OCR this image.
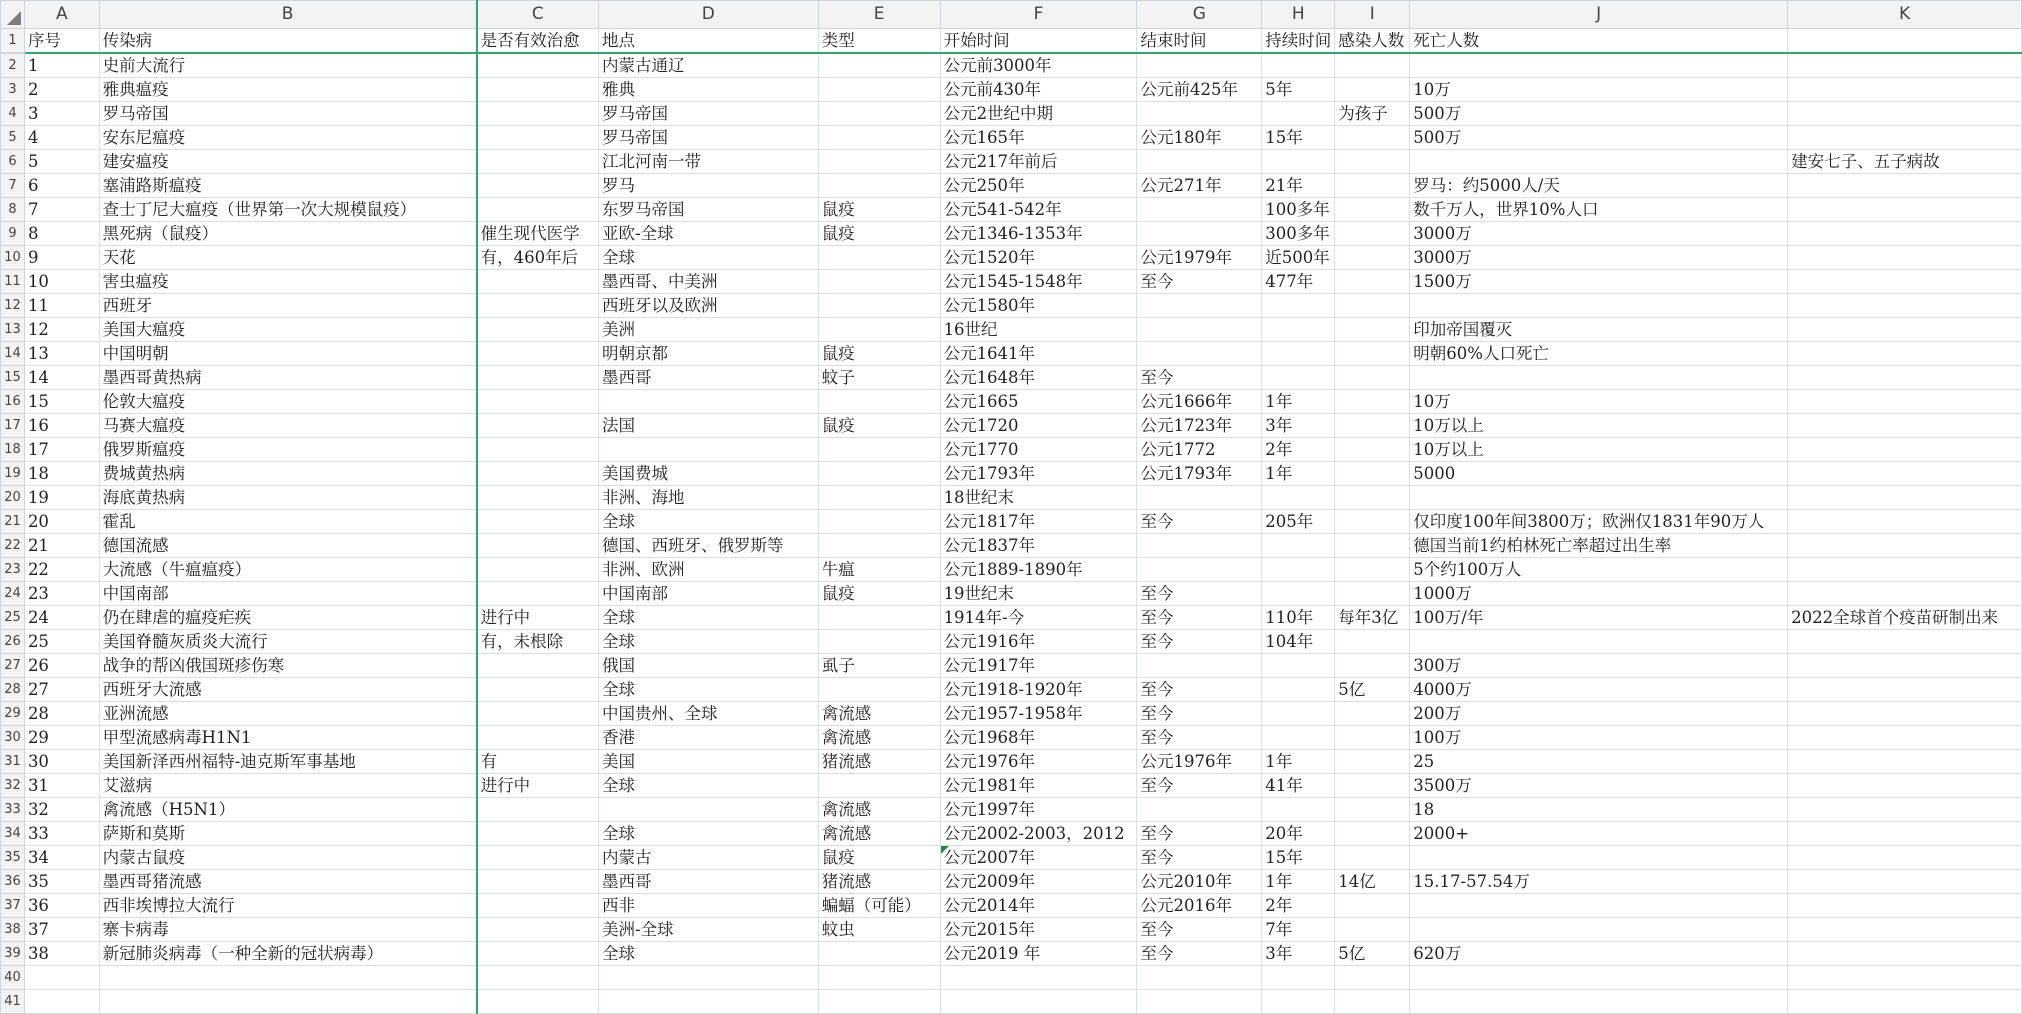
	A	B	C	D	E	F	G	H	I	J	K
1	序号	传染病	是否有效治愈	地点	类型	开始时间	结束时间	持续时间	感染人数	死亡人数	
2	1	史前大流行		内蒙古通辽		公元前3000年					
3	2	雅典瘟疫		雅典		公元前430年	公元前425年	5年		10万	
4	3	罗马帝国		罗马帝国		公元2世纪中期			为孩子	500万	
5	4	安东尼瘟疫		罗马帝国		公元165年	公元180年	15年		500万	
6	5	建安瘟疫		江北河南一带		公元217年前后					建安七子、五子病故
7	6	塞浦路斯瘟疫		罗马		公元250年	公元271年	21年		罗马：约5000人/天	
8	7	查士丁尼大瘟疫（世界第一次大规模鼠疫）		东罗马帝国	鼠疫	公元541-542年		100多年		数千万人，世界10%人口	
9	8	黑死病（鼠疫）	催生现代医学	亚欧-全球	鼠疫	公元1346-1353年		300多年		3000万	
10	9	天花	有，460年后	全球		公元1520年	公元1979年	近500年		3000万	
11	10	害虫瘟疫		墨西哥、中美洲		公元1545-1548年	至今	477年		1500万	
12	11	西班牙		西班牙以及欧洲		公元1580年					
13	12	美国大瘟疫		美洲		16世纪				印加帝国覆灭	
14	13	中国明朝		明朝京都	鼠疫	公元1641年				明朝60%人口死亡	
15	14	墨西哥黄热病		墨西哥	蚊子	公元1648年	至今				
16	15	伦敦大瘟疫				公元1665	公元1666年	1年		10万	
17	16	马赛大瘟疫		法国	鼠疫	公元1720	公元1723年	3年		10万以上	
18	17	俄罗斯瘟疫				公元1770	公元1772	2年		10万以上	
19	18	费城黄热病		美国费城		公元1793年	公元1793年	1年		5000	
20	19	海底黄热病		非洲、海地		18世纪末					
21	20	霍乱		全球		公元1817年	至今	205年		仅印度100年间3800万；欧洲仅1831年90万人	
22	21	德国流感		德国、西班牙、俄罗斯等		公元1837年				德国当前1约柏林死亡率超过出生率	
23	22	大流感（牛瘟瘟疫）		非洲、欧洲	牛瘟	公元1889-1890年				5个约100万人	
24	23	中国南部		中国南部	鼠疫	19世纪末	至今			1000万	
25	24	仍在肆虐的瘟疫疟疾	进行中	全球		1914年-今	至今	110年	每年3亿	100万/年	2022全球首个疫苗研制出来
26	25	美国脊髓灰质炎大流行	有，未根除	全球		公元1916年	至今	104年			
27	26	战争的帮凶俄国斑疹伤寒		俄国	虱子	公元1917年				300万	
28	27	西班牙大流感		全球		公元1918-1920年	至今		5亿	4000万	
29	28	亚洲流感		中国贵州、全球	禽流感	公元1957-1958年	至今			200万	
30	29	甲型流感病毒H1N1		香港	禽流感	公元1968年	至今			100万	
31	30	美国新泽西州福特-迪克斯军事基地	有	美国	猪流感	公元1976年	公元1976年	1年		25	
32	31	艾滋病	进行中	全球		公元1981年	至今	41年		3500万	
33	32	禽流感（H5N1）			禽流感	公元1997年				18	
34	33	萨斯和莫斯		全球	禽流感	公元2002-2003，2012	至今	20年		2000+	
35	34	内蒙古鼠疫		内蒙古	鼠疫	公元2007年	至今	15年			
36	35	墨西哥猪流感		墨西哥	猪流感	公元2009年	公元2010年	1年	14亿	15.17-57.54万	
37	36	西非埃博拉大流行		西非	蝙蝠（可能）	公元2014年	公元2016年	2年			
38	37	寨卡病毒		美洲-全球	蚊虫	公元2015年	至今	7年			
39	38	新冠肺炎病毒（一种全新的冠状病毒）		全球		公元2019 年	至今	3年	5亿	620万	
40											
41											
